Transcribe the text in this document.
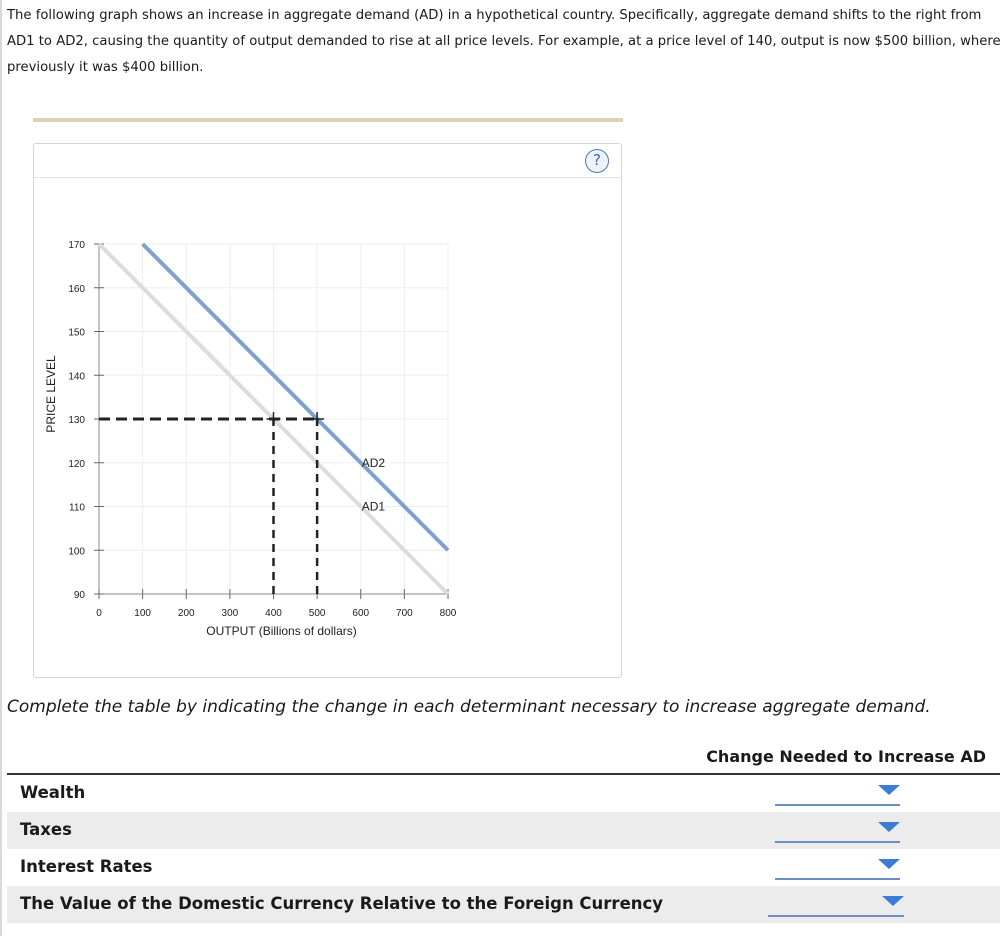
The following graph shows an increase in aggregate demand (AD) in a hypothetical country. Specifically, aggregate demand shifts to the right from AD1 to AD2, causing the quantity of output demanded to rise at all price levels. For example, at a price level of 140, output is now $500 billion, where previously it was $400 billion.
?
90
100
110
120
130
140
150
160
170
0	100	200	300	400	500	600	700	800
OUTPUT (Billions of dollars)
PRICE LEVEL
AD2
AD1
Complete the table by indicating the change in each determinant necessary to increase aggregate demand.
Change Needed to Increase AD
Wealth
Taxes
Interest Rates
The Value of the Domestic Currency Relative to the Foreign Currency
